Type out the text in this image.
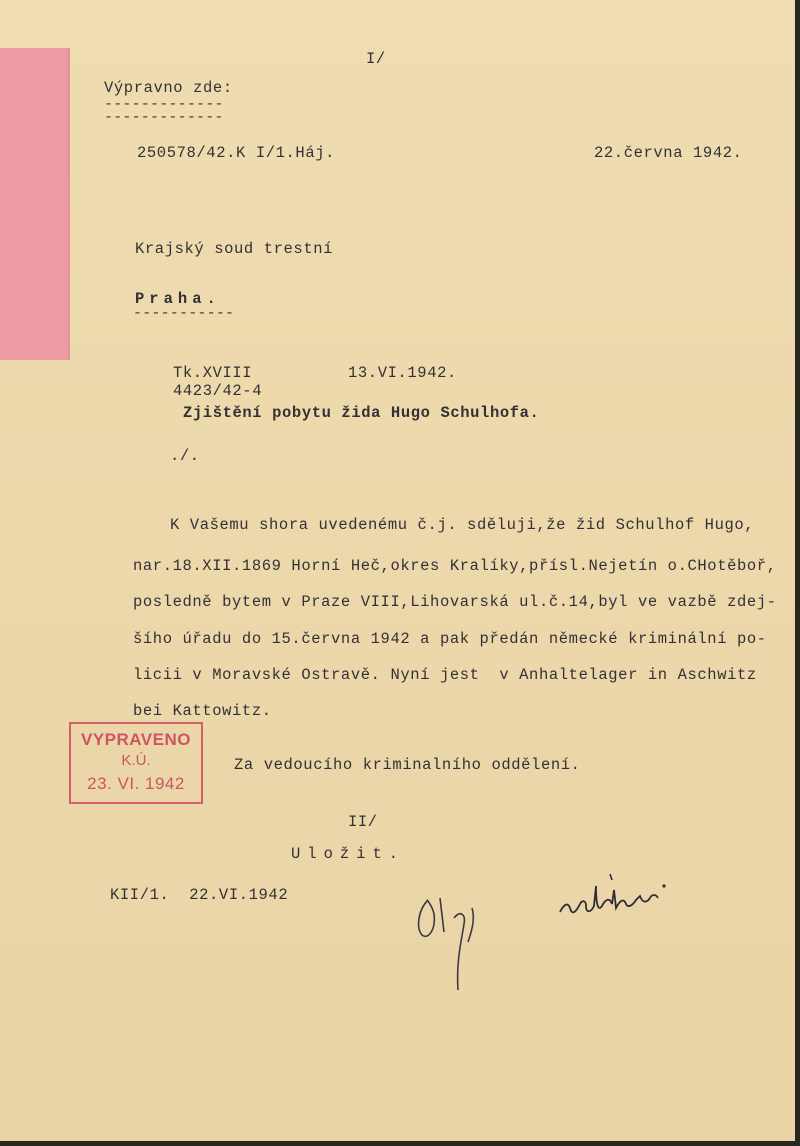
I/
Výpravno zde:
-------------
-------------
250578/42.K I/1.Háj.	22.června 1942.
Krajský soud trestní
Praha.
-----------
Tk.XVIII	13.VI.1942.
4423/42-4
Zjištění pobytu žida Hugo Schulhofa.
./.
K Vašemu shora uvedenému č.j. sděluji,že žid Schulhof Hugo,
nar.18.XII.1869 Horní Heč,okres Kralíky,přísl.Nejetín o.CHotěboř,
posledně bytem v Praze VIII,Lihovarská ul.č.14,byl ve vazbě zdej-
šího úřadu do 15.června 1942 a pak předán německé kriminální po-
licii v Moravské Ostravě. Nyní jest  v Anhaltelager in Aschwitz
bei Kattowitz.
Za vedoucího kriminalního oddělení.
VYPRAVENO
K.Ú.
23. VI. 1942
II/
Uložit.
KII/1.  22.VI.1942
